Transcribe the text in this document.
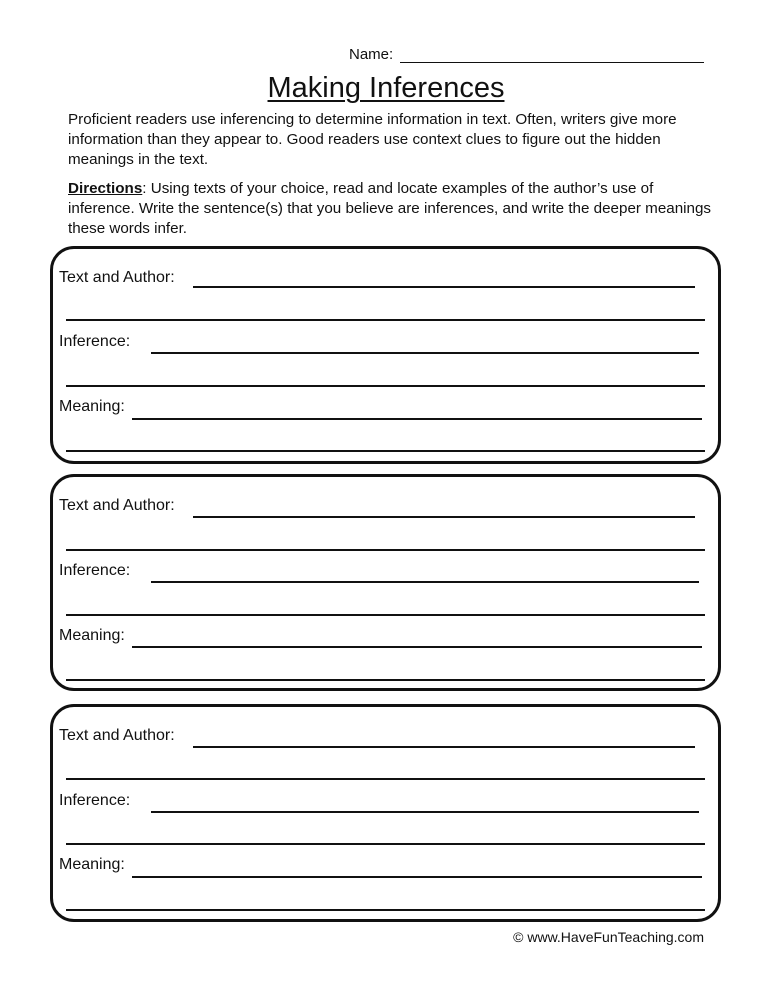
Name:
Making Inferences
Proficient readers use inferencing to determine information in text. Often, writers give more information than they appear to. Good readers use context clues to figure out the hidden meanings in the text.
Directions: Using texts of your choice, read and locate examples of the author’s use of inference. Write the sentence(s) that you believe are inferences, and write the deeper meanings these words infer.
Text and Author:
Inference:
Meaning:
Text and Author:
Inference:
Meaning:
Text and Author:
Inference:
Meaning:
© www.HaveFunTeaching.com
